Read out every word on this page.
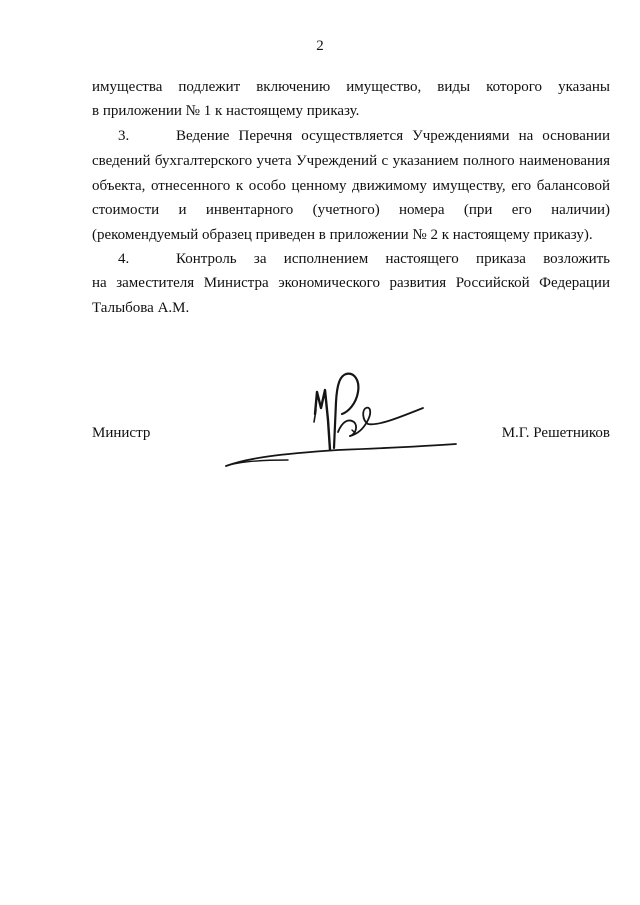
2
имущества подлежит включению имущество, виды которого указаны
в приложении № 1 к настоящему приказу.
3.	Ведение Перечня осуществляется Учреждениями на основании
сведений бухгалтерского учета Учреждений с указанием полного наименования
объекта, отнесенного к особо ценному движимому имуществу, его балансовой
стоимости и инвентарного (учетного) номера (при его наличии)
(рекомендуемый образец приведен в приложении № 2 к настоящему приказу).
4.	Контроль за исполнением настоящего приказа возложить
на заместителя Министра экономического развития Российской Федерации
Талыбова А.М.
Министр	М.Г. Решетников
